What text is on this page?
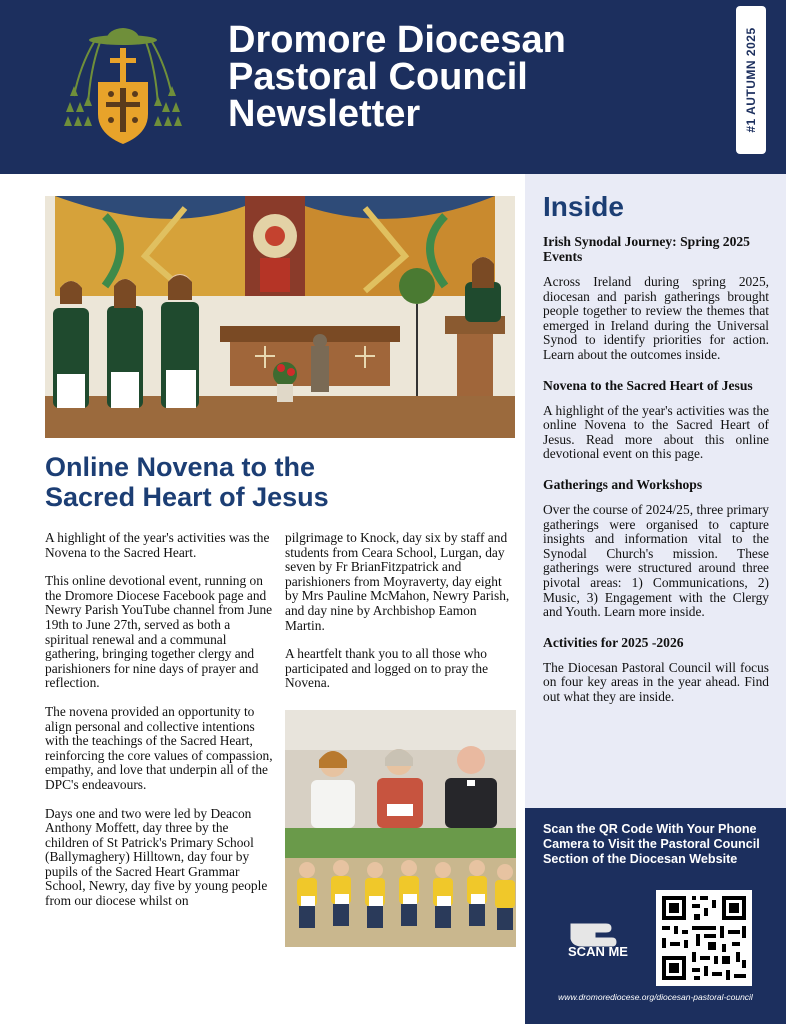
Dromore Diocesan
Pastoral Council
Newsletter	#1 AUTUMN 2025
Online Novena to the
Sacred Heart of Jesus

A highlight of the year's activities was the Novena to the Sacred Heart.

This online devotional event, running on the Dromore Diocese Facebook page and Newry Parish YouTube channel from June 19th to June 27th, served as both a spiritual renewal and a communal gathering, bringing together clergy and parishioners for nine days of prayer and reflection.

The novena provided an opportunity to align personal and collective intentions with the teachings of the Sacred Heart, reinforcing the core values of compassion, empathy, and love that underpin all of the DPC's endeavours.

Days one and two were led by Deacon Anthony Moffett, day three by the children of St Patrick's Primary School (Ballymaghery) Hilltown, day four by pupils of the Sacred Heart Grammar School, Newry, day five by young people from our diocese whilst on

pilgrimage to Knock, day six by staff and students from Ceara School, Lurgan, day seven by Fr BrianFitzpatrick and parishioners from Moyraverty, day eight by Mrs Pauline McMahon, Newry Parish, and day nine by Archbishop Eamon Martin.

A heartfelt thank you to all those who participated and logged on to pray the Novena.

Inside
Irish Synodal Journey: Spring 2025 Events
Across Ireland during spring 2025, diocesan and parish gatherings brought people together to review the themes that emerged in Ireland during the Universal Synod to identify priorities for action. Learn about the outcomes inside.
Novena to the Sacred Heart of Jesus
A highlight of the year's activities was the online Novena to the Sacred Heart of Jesus. Read more about this online devotional event on this page.
Gatherings and Workshops
Over the course of 2024/25, three primary gatherings were organised to capture insights and information vital to the Synodal Church's mission. These gatherings were structured around three pivotal areas: 1) Communications, 2) Music, 3) Engagement with the Clergy and Youth. Learn more inside.
Activities for 2025 -2026
The Diocesan Pastoral Council will focus on four key areas in the year ahead. Find out what they are inside.
Scan the QR Code With Your Phone Camera to Visit the Pastoral Council Section of the Diocesan Website
SCAN ME
www.dromorediocese.org/diocesan-pastoral-council
